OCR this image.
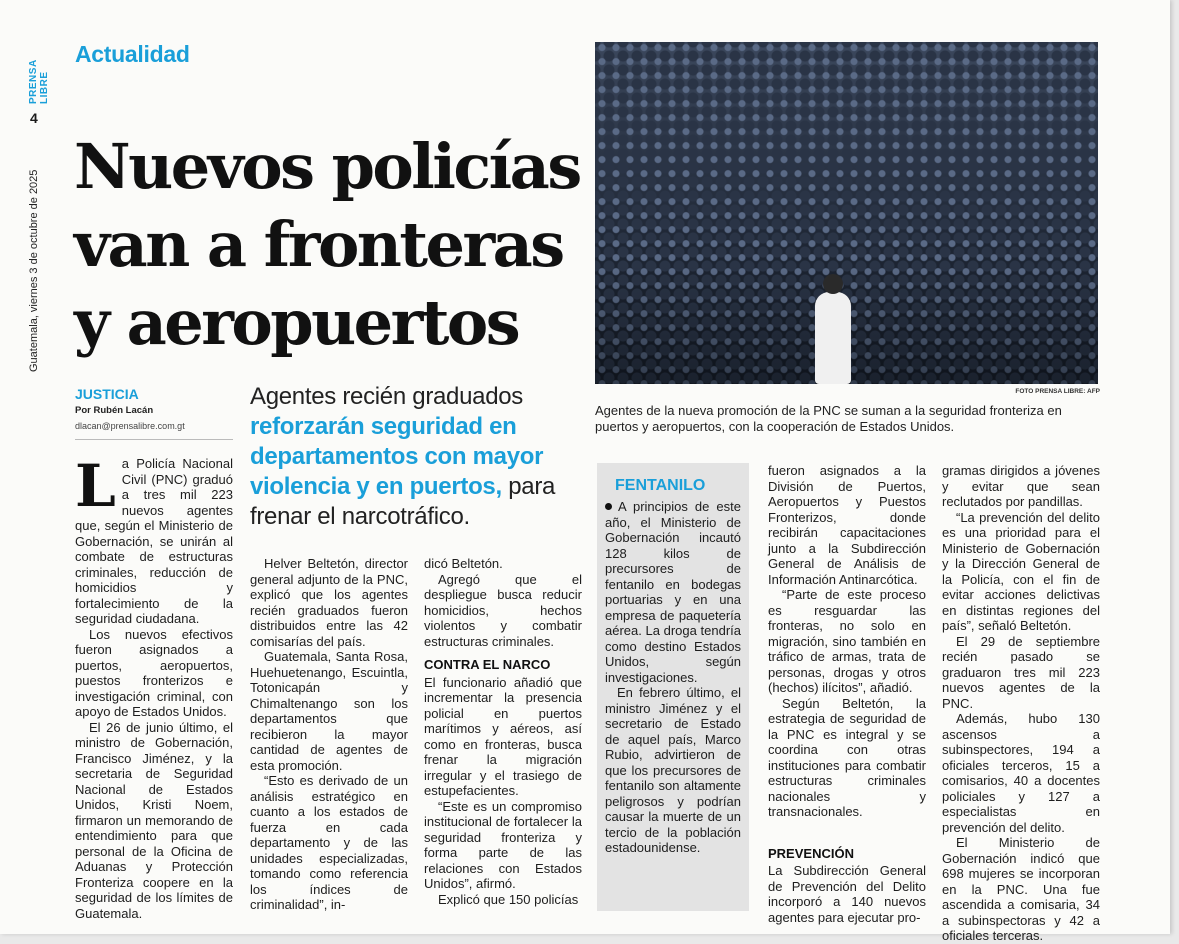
PRENSA LIBRE
4
Guatemala, viernes 3 de octubre de 2025
Actualidad
Nuevos policías van a fronteras y aeropuertos
FOTO PRENSA LIBRE: AFP
Agentes de la nueva promoción de la PNC se suman a la seguridad fronteriza en puertos y aeropuertos, con la cooperación de Estados Unidos.
JUSTICIA
Por Rubén Lacán
dlacan@prensalibre.com.gt
Agentes recién graduados reforzarán seguridad en departamentos con mayor violencia y en puertos, para frenar el narcotráfico.
L a Policía Nacional Civil (PNC) graduó a tres mil 223 nuevos agentes que, según el Ministerio de Gobernación, se unirán al combate de estructuras criminales, reducción de homicidios y fortalecimiento de la seguridad ciudadana.

Los nuevos efectivos fueron asignados a puertos, aeropuertos, puestos fronterizos e investigación criminal, con apoyo de Estados Unidos.

El 26 de junio último, el ministro de Gobernación, Francisco Jiménez, y la secretaria de Seguridad Nacional de Estados Unidos, Kristi Noem, firmaron un memorando de entendimiento para que personal de la Oficina de Aduanas y Protección Fronteriza coopere en la seguridad de los límites de Guatemala.

Helver Beltetón, director general adjunto de la PNC, explicó que los agentes recién graduados fueron distribuidos entre las 42 comisarías del país.

Guatemala, Santa Rosa, Huehuetenango, Escuintla, Totonicapán y Chimaltenango son los departamentos que recibieron la mayor cantidad de agentes de esta promoción.

“Esto es derivado de un análisis estratégico en cuanto a los estados de fuerza en cada departamento y de las unidades especializadas, tomando como referencia los índices de criminalidad”, in-

dicó Beltetón.

Agregó que el despliegue busca reducir homicidios, hechos violentos y combatir estructuras criminales.

CONTRA EL NARCO

El funcionario añadió que incrementar la presencia policial en puertos marítimos y aéreos, así como en fronteras, busca frenar la migración irregular y el trasiego de estupefacientes.

“Este es un compromiso institucional de fortalecer la seguridad fronteriza y forma parte de las relaciones con Estados Unidos”, afirmó.

Explicó que 150 policías

FENTANILO

A principios de este año, el Ministerio de Gobernación incautó 128 kilos de precursores de fentanilo en bodegas portuarias y en una empresa de paquetería aérea. La droga tendría como destino Estados Unidos, según investigaciones.

En febrero último, el ministro Jiménez y el secretario de Estado de aquel país, Marco Rubio, advirtieron de que los precursores de fentanilo son altamente peligrosos y podrían causar la muerte de un tercio de la población estadounidense.

fueron asignados a la División de Puertos, Aeropuertos y Puestos Fronterizos, donde recibirán capacitaciones junto a la Subdirección General de Análisis de Información Antinarcótica.

“Parte de este proceso es resguardar las fronteras, no solo en migración, sino también en tráfico de armas, trata de personas, drogas y otros (hechos) ilícitos”, añadió.

Según Beltetón, la estrategia de seguridad de la PNC es integral y se coordina con otras instituciones para combatir estructuras criminales nacionales y transnacionales.

PREVENCIÓN

La Subdirección General de Prevención del Delito incorporó a 140 nuevos agentes para ejecutar pro-

gramas dirigidos a jóvenes y evitar que sean reclutados por pandillas.

“La prevención del delito es una prioridad para el Ministerio de Gobernación y la Dirección General de la Policía, con el fin de evitar acciones delictivas en distintas regiones del país”, señaló Beltetón.

El 29 de septiembre recién pasado se graduaron tres mil 223 nuevos agentes de la PNC.

Además, hubo 130 ascensos a subinspectores, 194 a oficiales terceros, 15 a comisarios, 40 a docentes policiales y 127 a especialistas en prevención del delito.

El Ministerio de Gobernación indicó que 698 mujeres se incorporan en la PNC. Una fue ascendida a comisaria, 34 a subinspectoras y 42 a oficiales terceras.
